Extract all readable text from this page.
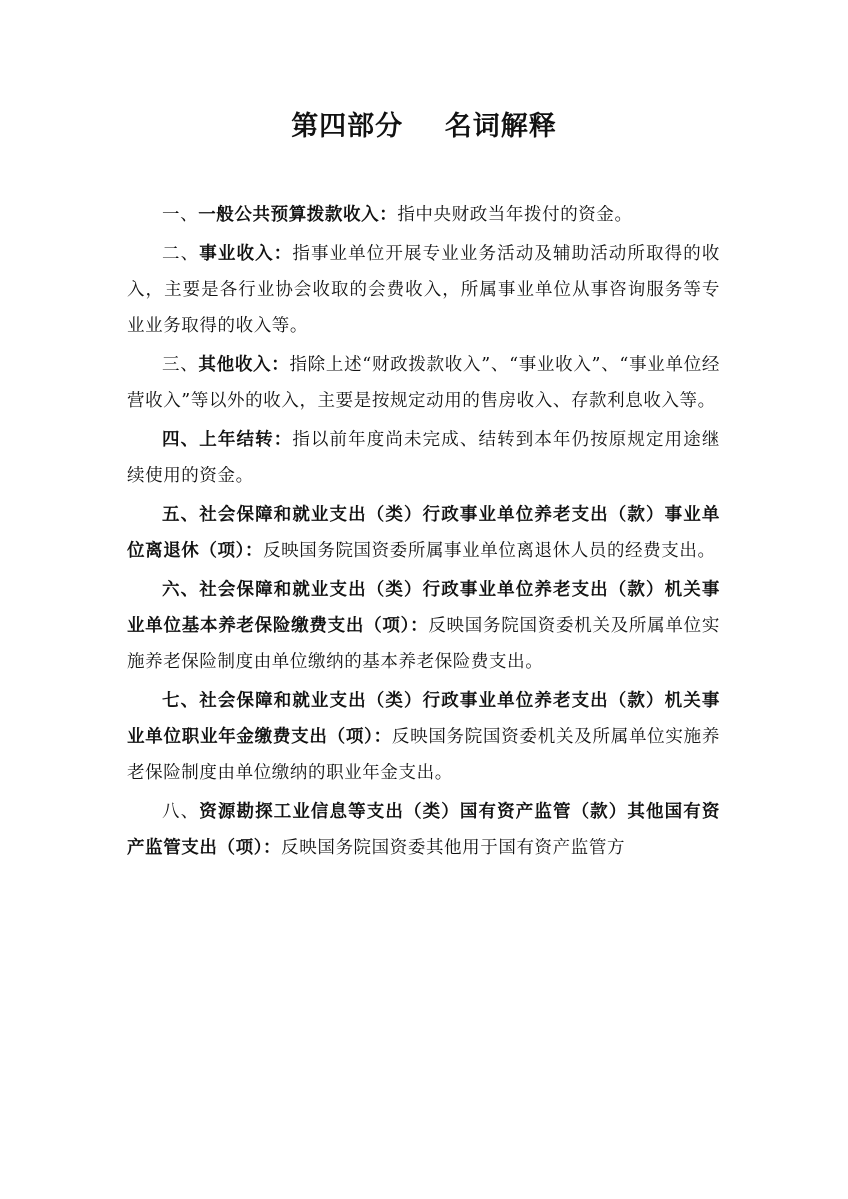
第四部分    名词解释

一、一般公共预算拨款收入：指中央财政当年拨付的资金。

二、事业收入：指事业单位开展专业业务活动及辅助活动所取得的收入，主要是各行业协会收取的会费收入，所属事业单位从事咨询服务等专业业务取得的收入等。

三、其他收入：指除上述“财政拨款收入”、“事业收入”、“事业单位经营收入”等以外的收入，主要是按规定动用的售房收入、存款利息收入等。

四、上年结转：指以前年度尚未完成、结转到本年仍按原规定用途继续使用的资金。

五、社会保障和就业支出（类）行政事业单位养老支出（款）事业单位离退休（项）：反映国务院国资委所属事业单位离退休人员的经费支出。

六、社会保障和就业支出（类）行政事业单位养老支出（款）机关事业单位基本养老保险缴费支出（项）：反映国务院国资委机关及所属单位实施养老保险制度由单位缴纳的基本养老保险费支出。

七、社会保障和就业支出（类）行政事业单位养老支出（款）机关事业单位职业年金缴费支出（项）：反映国务院国资委机关及所属单位实施养老保险制度由单位缴纳的职业年金支出。

八、资源勘探工业信息等支出（类）国有资产监管（款）其他国有资产监管支出（项）：反映国务院国资委其他用于国有资产监管方
